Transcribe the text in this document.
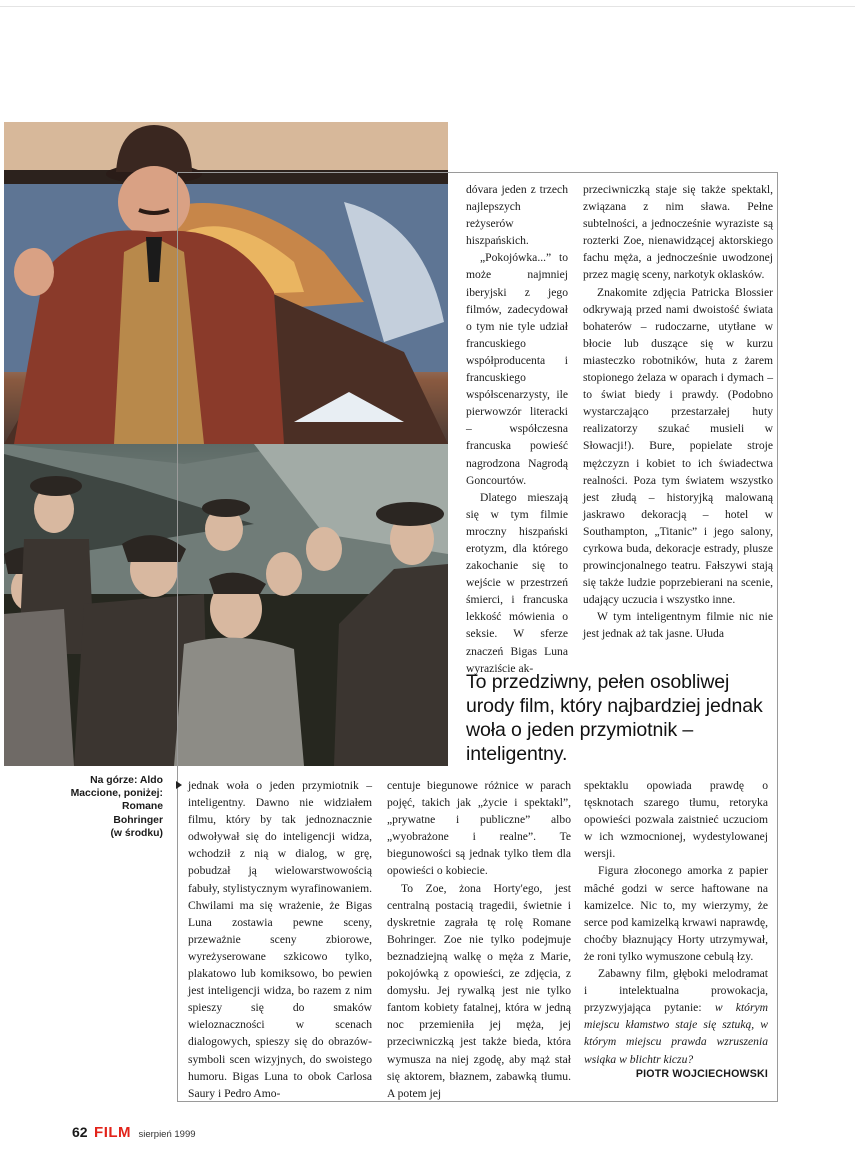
dóvara jeden z trzech najlepszych reżyserów hiszpańskich.

„Pokojówka...” to może najmniej iberyjski z jego filmów, zadecydował o tym nie tyle udział francuskiego współproducenta i francuskiego współscenarzysty, ile pierwowzór literacki – współczesna francuska powieść nagrodzona Nagrodą Goncourtów.

Dlatego mieszają się w tym filmie mroczny hiszpański erotyzm, dla którego zakochanie się to wejście w przestrzeń śmierci, i francuska lekkość mówienia o seksie. W sferze znaczeń Bigas Luna wyraziście ak-

przeciwniczką staje się także spektakl, związana z nim sława. Pełne subtelności, a jednocześnie wyraziste są rozterki Zoe, nienawidzącej aktorskiego fachu męża, a jednocześnie uwodzonej przez magię sceny, narkotyk oklasków.

Znakomite zdjęcia Patricka Blossier odkrywają przed nami dwoistość świata bohaterów – rudoczarne, utytłane w błocie lub duszące się w kurzu miasteczko robotników, huta z żarem stopionego żelaza w oparach i dymach – to świat biedy i prawdy. (Podobno wystarczająco przestarzałej huty realizatorzy szukać musieli w Słowacji!). Bure, popielate stroje mężczyzn i kobiet to ich świadectwa realności. Poza tym światem wszystko jest złudą – historyjką malowaną jaskrawo dekoracją – hotel w Southampton, „Titanic” i jego salony, cyrkowa buda, dekoracje estrady, plusze prowincjonalnego teatru. Fałszywi stają się także ludzie poprzebierani na scenie, udający uczucia i wszystko inne.

W tym inteligentnym filmie nic nie jest jednak aż tak jasne. Ułuda

To przedziwny, pełen osobliwej urody film, który najbardziej jednak woła o jeden przymiotnik – inteligentny.
Na górze: Aldo
Maccione, poniżej:
Romane
Bohringer
(w środku)

jednak woła o jeden przymiotnik – inteligentny. Dawno nie widziałem filmu, który by tak jednoznacznie odwoływał się do inteligencji widza, wchodził z nią w dialog, w grę, pobudzał ją wielowarstwowością fabuły, stylistycznym wyrafinowaniem. Chwilami ma się wrażenie, że Bigas Luna zostawia pewne sceny, przeważnie sceny zbiorowe, wyreżyserowane szkicowo tylko, plakatowo lub komiksowo, bo pewien jest inteligencji widza, bo razem z nim spieszy się do smaków wieloznaczności w scenach dialogowych, spieszy się do obrazów-symboli scen wizyjnych, do swoistego humoru. Bigas Luna to obok Carlosa Saury i Pedro Amo-

centuje biegunowe różnice w parach pojęć, takich jak „życie i spektakl”, „prywatne i publiczne” albo „wyobrażone i realne”. Te biegunowości są jednak tylko tłem dla opowieści o kobiecie.

To Zoe, żona Horty'ego, jest centralną postacią tragedii, świetnie i dyskretnie zagrała tę rolę Romane Bohringer. Zoe nie tylko podejmuje beznadziejną walkę o męża z Marie, pokojówką z opowieści, ze zdjęcia, z domysłu. Jej rywalką jest nie tylko fantom kobiety fatalnej, która w jedną noc przemieniła jej męża, jej przeciwniczką jest także bieda, która wymusza na niej zgodę, aby mąż stał się aktorem, błaznem, zabawką tłumu. A potem jej

spektaklu opowiada prawdę o tęsknotach szarego tłumu, retoryka opowieści pozwala zaistnieć uczuciom w ich wzmocnionej, wydestylowanej wersji.

Figura złoconego amorka z papier mâché godzi w serce haftowane na kamizelce. Nic to, my wierzymy, że serce pod kamizelką krwawi naprawdę, choćby błaznujący Horty utrzymywał, że roni tylko wymuszone cebulą łzy.

Zabawny film, głęboki melodramat i intelektualna prowokacja, przyzwyjająca pytanie: w którym miejscu kłamstwo staje się sztuką, w którym miejscu prawda wzruszenia wsiąka w blichtr kiczu?

PIOTR WOJCIECHOWSKI
62 FILM sierpień 1999
